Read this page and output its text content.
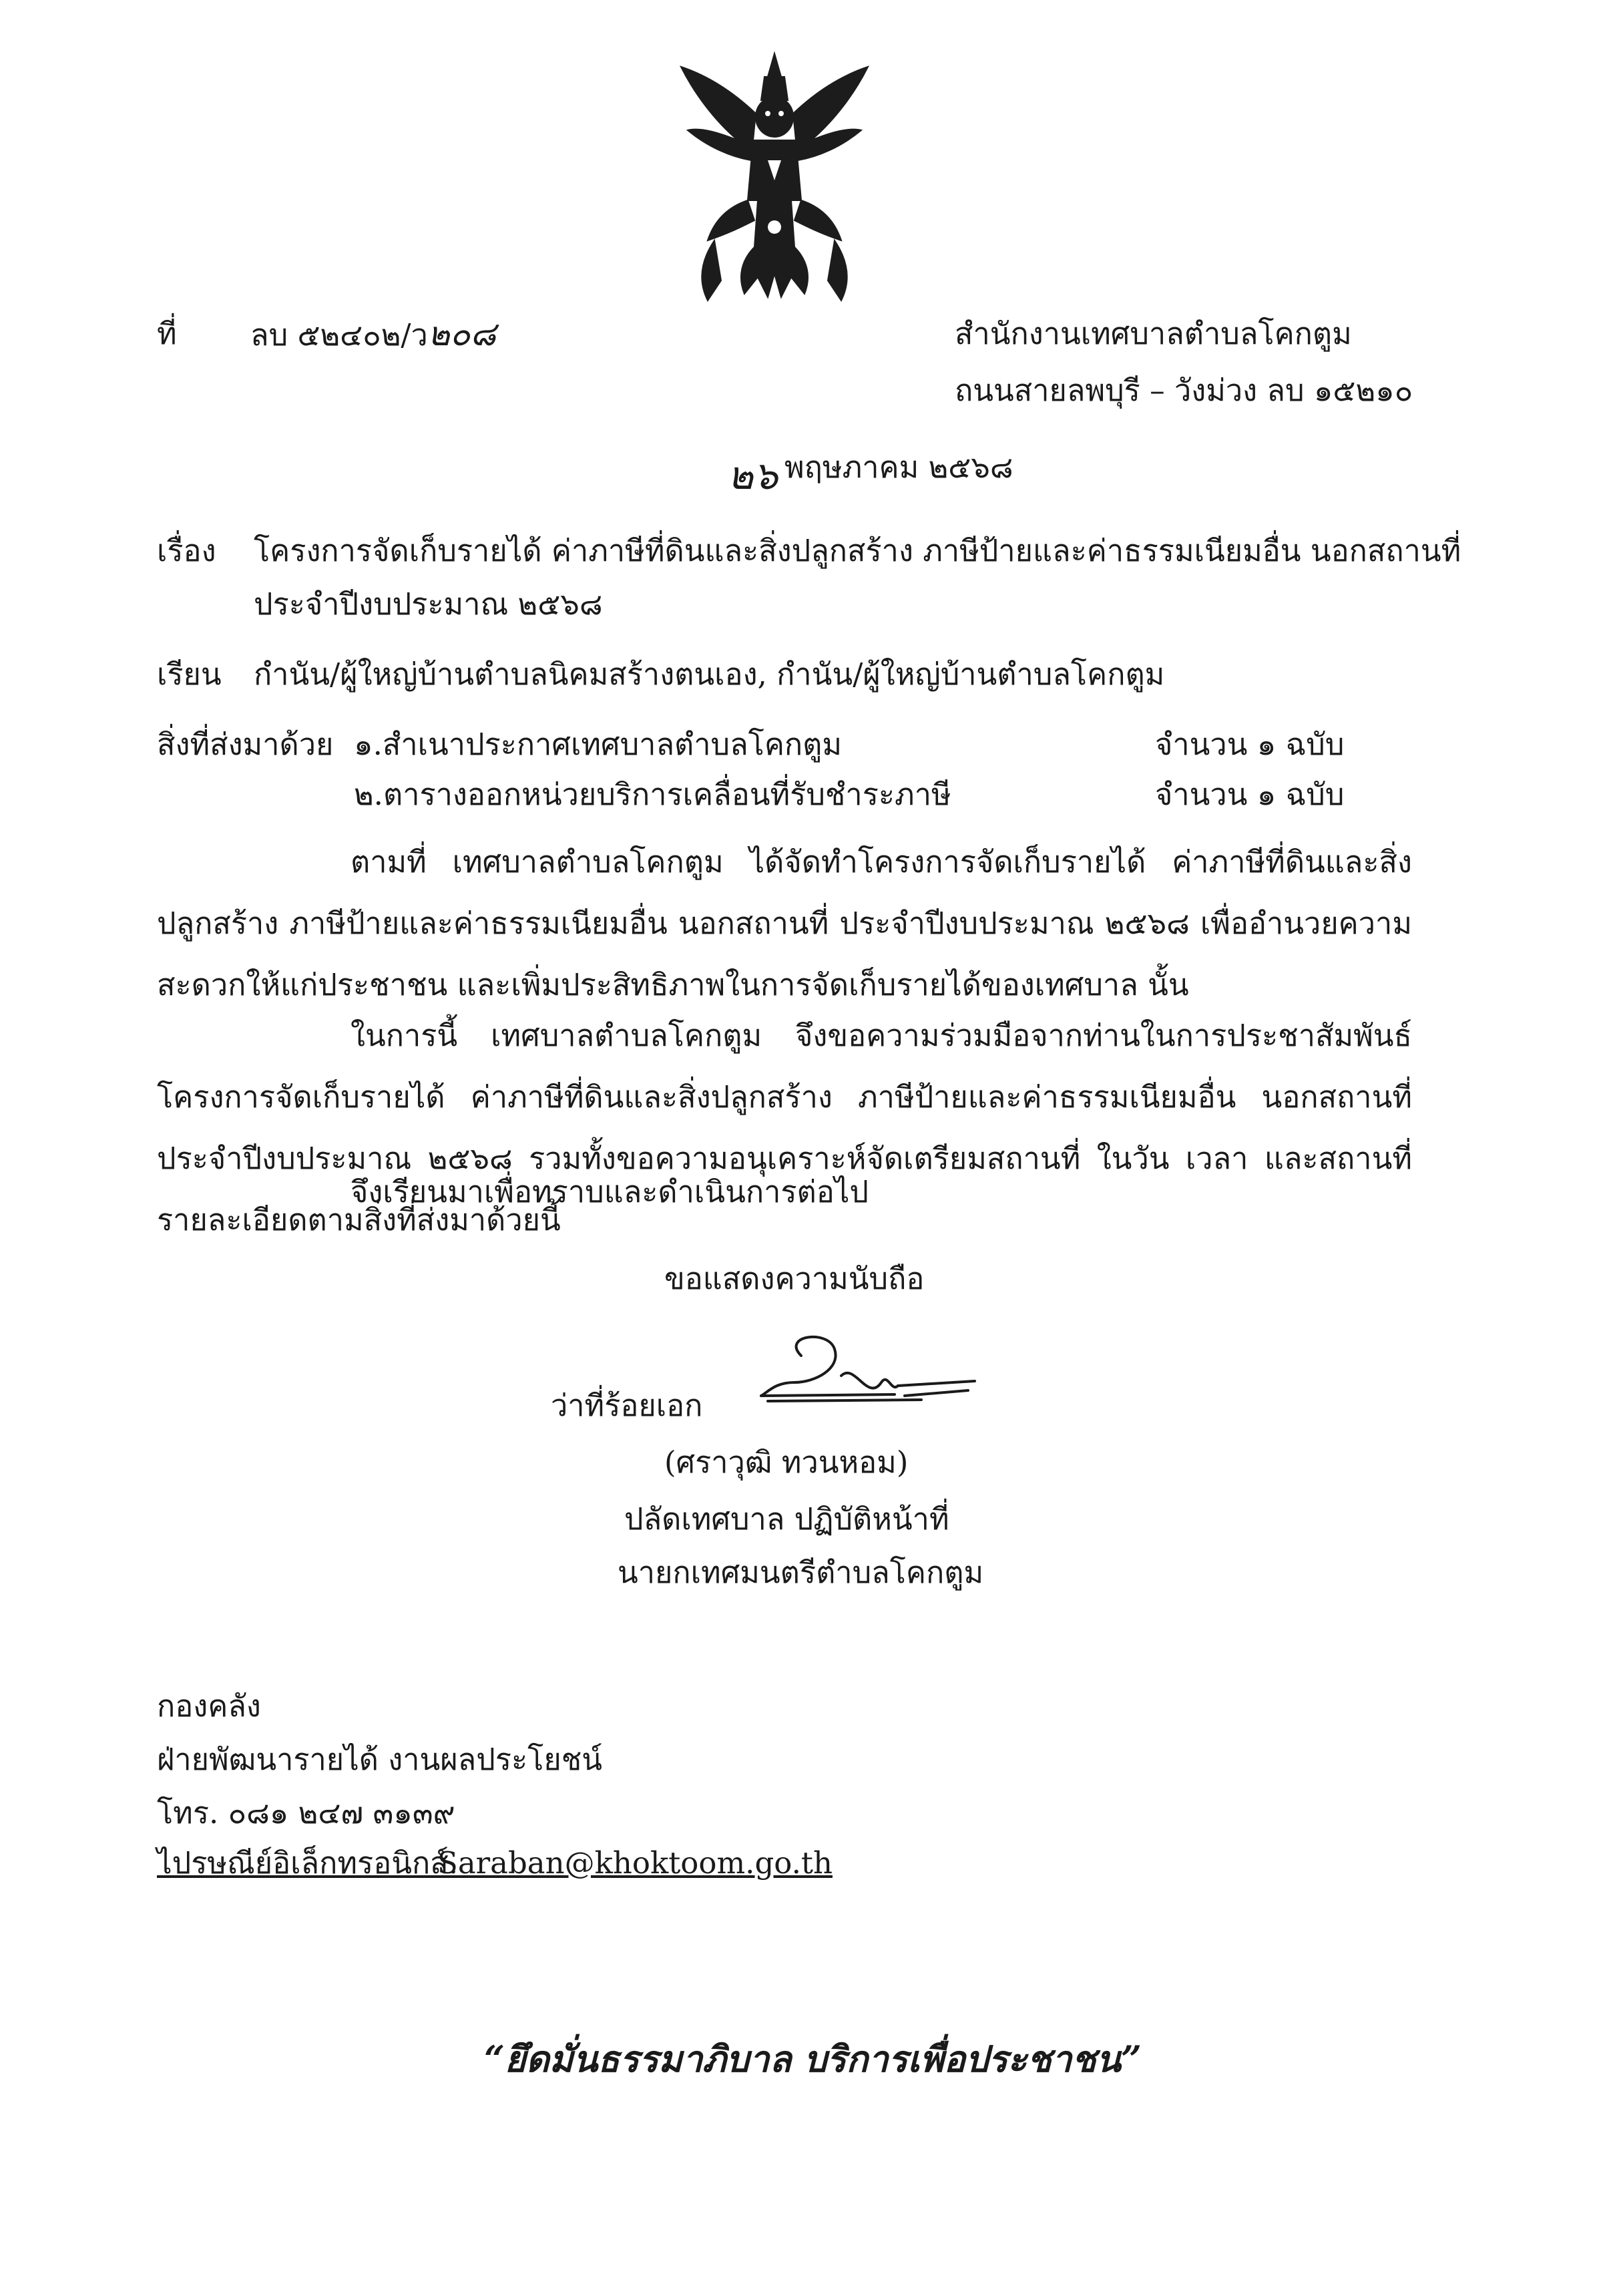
ที่ ลบ ๕๒๔๐๒/ว๒๐๘	สำนักงานเทศบาลตำบลโคกตูม
ถนนสายลพบุรี – วังม่วง ลบ ๑๕๒๑๐
๒๖ พฤษภาคม ๒๕๖๘
เรื่อง โครงการจัดเก็บรายได้ ค่าภาษีที่ดินและสิ่งปลูกสร้าง ภาษีป้ายและค่าธรรมเนียมอื่น นอกสถานที่
ประจำปีงบประมาณ ๒๕๖๘
เรียน กำนัน/ผู้ใหญ่บ้านตำบลนิคมสร้างตนเอง, กำนัน/ผู้ใหญ่บ้านตำบลโคกตูม
สิ่งที่ส่งมาด้วย ๑.สำเนาประกาศเทศบาลตำบลโคกตูม	จำนวน ๑ ฉบับ
๒.ตารางออกหน่วยบริการเคลื่อนที่รับชำระภาษี	จำนวน ๑ ฉบับ
ตามที่ เทศบาลตำบลโคกตูม ได้จัดทำโครงการจัดเก็บรายได้ ค่าภาษีที่ดินและสิ่งปลูกสร้าง ภาษีป้ายและค่าธรรมเนียมอื่น นอกสถานที่ ประจำปีงบประมาณ ๒๕๖๘ เพื่ออำนวยความสะดวกให้แก่ประชาชน และเพิ่มประสิทธิภาพในการจัดเก็บรายได้ของเทศบาล นั้น
ในการนี้ เทศบาลตำบลโคกตูม จึงขอความร่วมมือจากท่านในการประชาสัมพันธ์โครงการจัดเก็บรายได้ ค่าภาษีที่ดินและสิ่งปลูกสร้าง ภาษีป้ายและค่าธรรมเนียมอื่น นอกสถานที่ ประจำปีงบประมาณ ๒๕๖๘ รวมทั้งขอความอนุเคราะห์จัดเตรียมสถานที่ ในวัน เวลา และสถานที่ รายละเอียดตามสิ่งที่ส่งมาด้วยนี้
จึงเรียนมาเพื่อทราบและดำเนินการต่อไป
ขอแสดงความนับถือ
ว่าที่ร้อยเอก
(ศราวุฒิ ทวนหอม)
ปลัดเทศบาล ปฏิบัติหน้าที่
นายกเทศมนตรีตำบลโคกตูม
กองคลัง
ฝ่ายพัฒนารายได้ งานผลประโยชน์
โทร. ๐๘๑ ๒๔๗ ๓๑๓๙
ไปรษณีย์อิเล็กทรอนิกส์.
Saraban@khoktoom.go.th
“ยึดมั่นธรรมาภิบาล บริการเพื่อประชาชน”
